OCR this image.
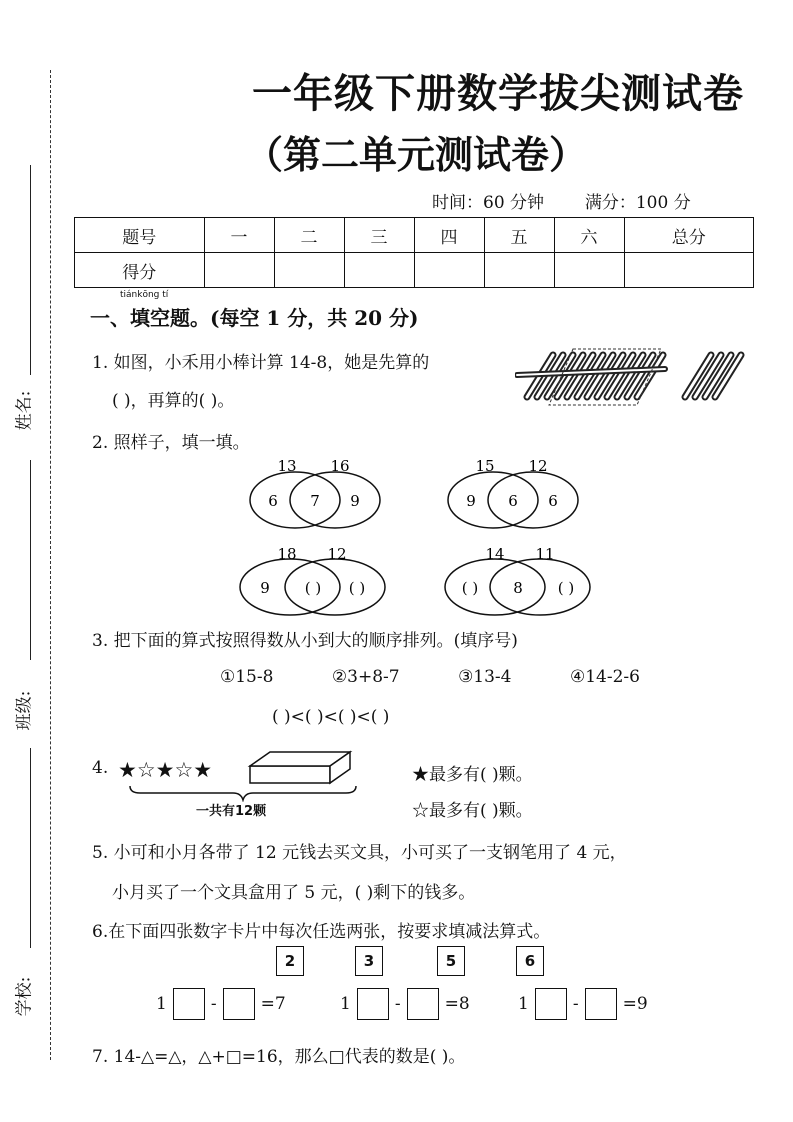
姓名:
班级:
学校:
一年级下册数学拔尖测试卷
（第二单元测试卷）
时间：60 分钟 满分：100 分
题号	一	二	三	四	五	六	总分
得分							
tiánkōng tí
一、填空题。(每空 1 分，共 20 分)
1. 如图，小禾用小棒计算 14-8，她是先算的
( )，再算的( )。
2. 照样子，填一填。
13 16
6 7 9
15 12
9 6 6
18 12
9 ( ) ( )
14 11
( ) 8 ( )
3. 把下面的算式按照得数从小到大的顺序排列。(填序号)
①15-8	②3+8-7	③13-4	④14-2-6
( )<( )<( )<( )
4. ★☆★☆★
一共有12颗
★最多有( )颗。
☆最多有( )颗。
5. 小可和小月各带了 12 元钱去买文具，小可买了一支钢笔用了 4 元，
小月买了一个文具盒用了 5 元，( )剩下的钱多。
6.在下面四张数字卡片中每次任选两张，按要求填减法算式。
2	3	5	6
1	-	=7	1	-	=8	1	-	=9
7. 14-△=△，△+□=16，那么□代表的数是( )。
